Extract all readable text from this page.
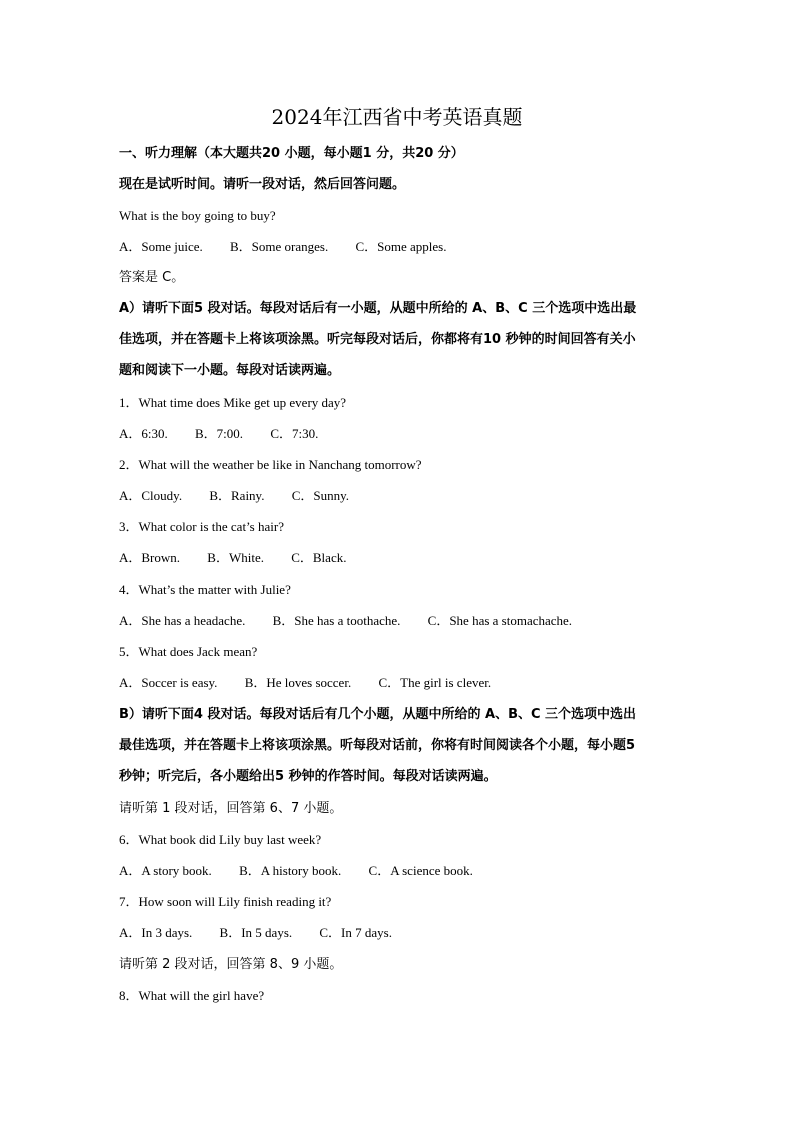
2024年江西省中考英语真题
一、听力理解（本大题共20 小题，每小题1 分，共20 分）
现在是试听时间。请听一段对话，然后回答问题。
What is the boy going to buy?
A．Some juice. B．Some oranges. C．Some apples.
答案是 C。
A）请听下面5 段对话。每段对话后有一小题，从题中所给的 A、B、C 三个选项中选出最
佳选项，并在答题卡上将该项涂黑。听完每段对话后，你都将有10 秒钟的时间回答有关小
题和阅读下一小题。每段对话读两遍。
1．What time does Mike get up every day?
A．6:30. B．7:00. C．7:30.
2．What will the weather be like in Nanchang tomorrow?
A．Cloudy. B．Rainy. C．Sunny.
3．What color is the cat’s hair?
A．Brown. B．White. C．Black.
4．What’s the matter with Julie?
A．She has a headache. B．She has a toothache. C．She has a stomachache.
5．What does Jack mean?
A．Soccer is easy. B．He loves soccer. C．The girl is clever.
B）请听下面4 段对话。每段对话后有几个小题，从题中所给的 A、B、C 三个选项中选出
最佳选项，并在答题卡上将该项涂黑。听每段对话前，你将有时间阅读各个小题，每小题5
秒钟；听完后，各小题给出5 秒钟的作答时间。每段对话读两遍。
请听第 1 段对话，回答第 6、7 小题。
6．What book did Lily buy last week?
A．A story book. B．A history book. C．A science book.
7．How soon will Lily finish reading it?
A．In 3 days. B．In 5 days. C．In 7 days.
请听第 2 段对话，回答第 8、9 小题。
8．What will the girl have?
